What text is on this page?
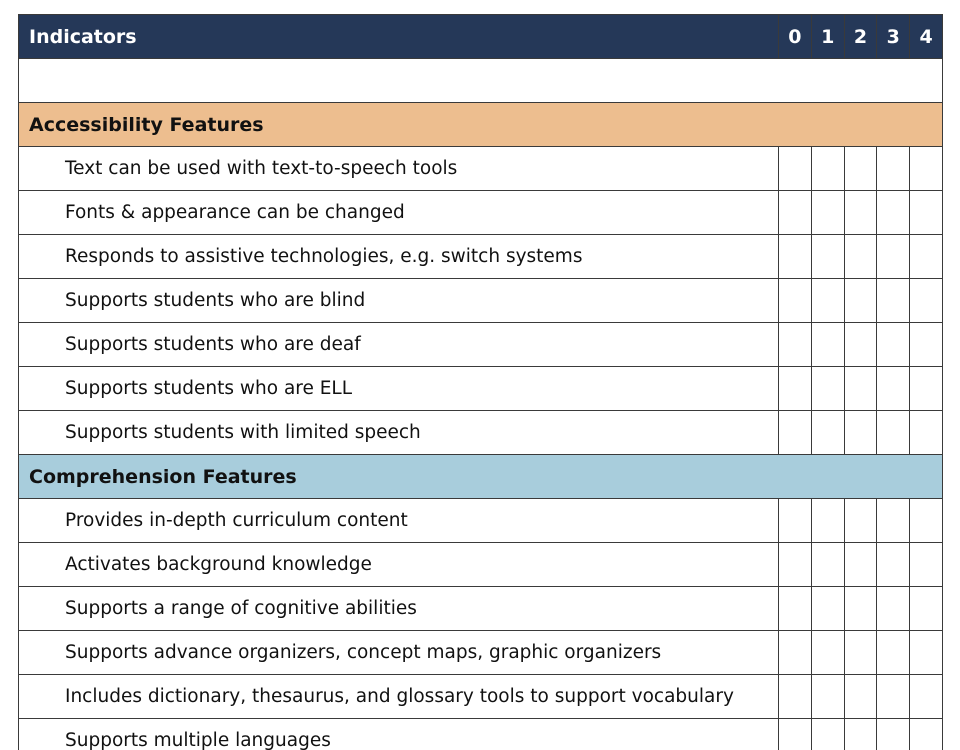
Indicators	0	1	2	3	4

Accessibility Features					
Text can be used with text-to-speech tools					
Fonts & appearance can be changed					
Responds to assistive technologies, e.g. switch systems					
Supports students who are blind					
Supports students who are deaf					
Supports students who are ELL					
Supports students with limited speech					
Comprehension Features					
Provides in-depth curriculum content					
Activates background knowledge					
Supports a range of cognitive abilities					
Supports advance organizers, concept maps, graphic organizers					
Includes dictionary, thesaurus, and glossary tools to support vocabulary					
Supports multiple languages					
